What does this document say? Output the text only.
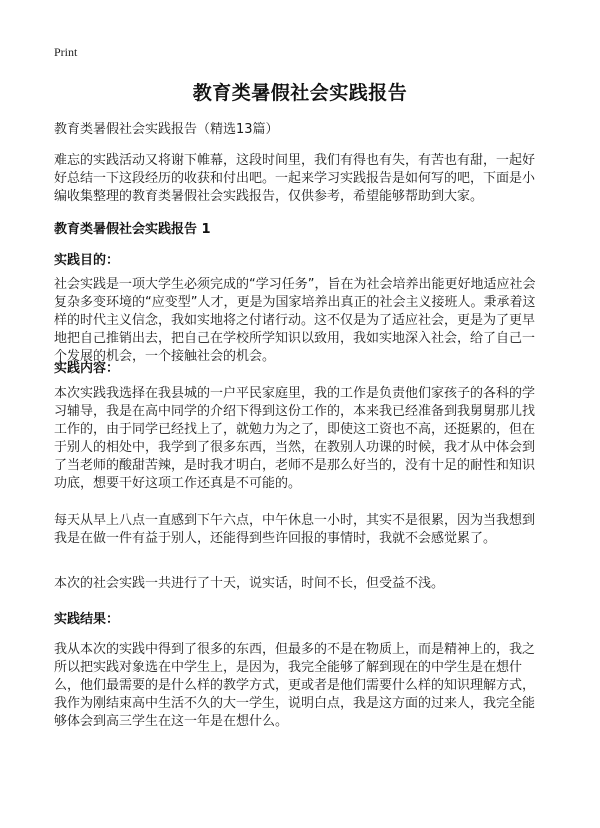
Print
教育类暑假社会实践报告
教育类暑假社会实践报告（精选13篇）

难忘的实践活动又将谢下帷幕，这段时间里，我们有得也有失，有苦也有甜，一起好好总结一下这段经历的收获和付出吧。一起来学习实践报告是如何写的吧，下面是小编收集整理的教育类暑假社会实践报告，仅供参考，希望能够帮助到大家。

教育类暑假社会实践报告 1
实践目的：

社会实践是一项大学生必须完成的“学习任务”，旨在为社会培养出能更好地适应社会复杂多变环境的“应变型”人才，更是为国家培养出真正的社会主义接班人。秉承着这样的时代主义信念，我如实地将之付诸行动。这不仅是为了适应社会，更是为了更早地把自己推销出去，把自己在学校所学知识以致用，我如实地深入社会，给了自己一个发展的机会，一个接触社会的机会。

实践内容：

本次实践我选择在我县城的一户平民家庭里，我的工作是负责他们家孩子的各科的学习辅导，我是在高中同学的介绍下得到这份工作的，本来我已经准备到我舅舅那儿找工作的，由于同学已经找上了，就勉力为之了，即使这工资也不高，还挺累的，但在于别人的相处中，我学到了很多东西，当然，在教别人功课的时候，我才从中体会到了当老师的酸甜苦辣，是时我才明白，老师不是那么好当的，没有十足的耐性和知识功底，想要干好这项工作还真是不可能的。

每天从早上八点一直感到下午六点，中午休息一小时，其实不是很累，因为当我想到我是在做一件有益于别人，还能得到些许回报的事情时，我就不会感觉累了。

本次的社会实践一共进行了十天，说实话，时间不长，但受益不浅。

实践结果：

我从本次的实践中得到了很多的东西，但最多的不是在物质上，而是精神上的，我之所以把实践对象选在中学生上，是因为，我完全能够了解到现在的中学生是在想什么，他们最需要的是什么样的教学方式，更或者是他们需要什么样的知识理解方式，我作为刚结束高中生活不久的大一学生，说明白点，我是这方面的过来人，我完全能够体会到高三学生在这一年是在想什么。
